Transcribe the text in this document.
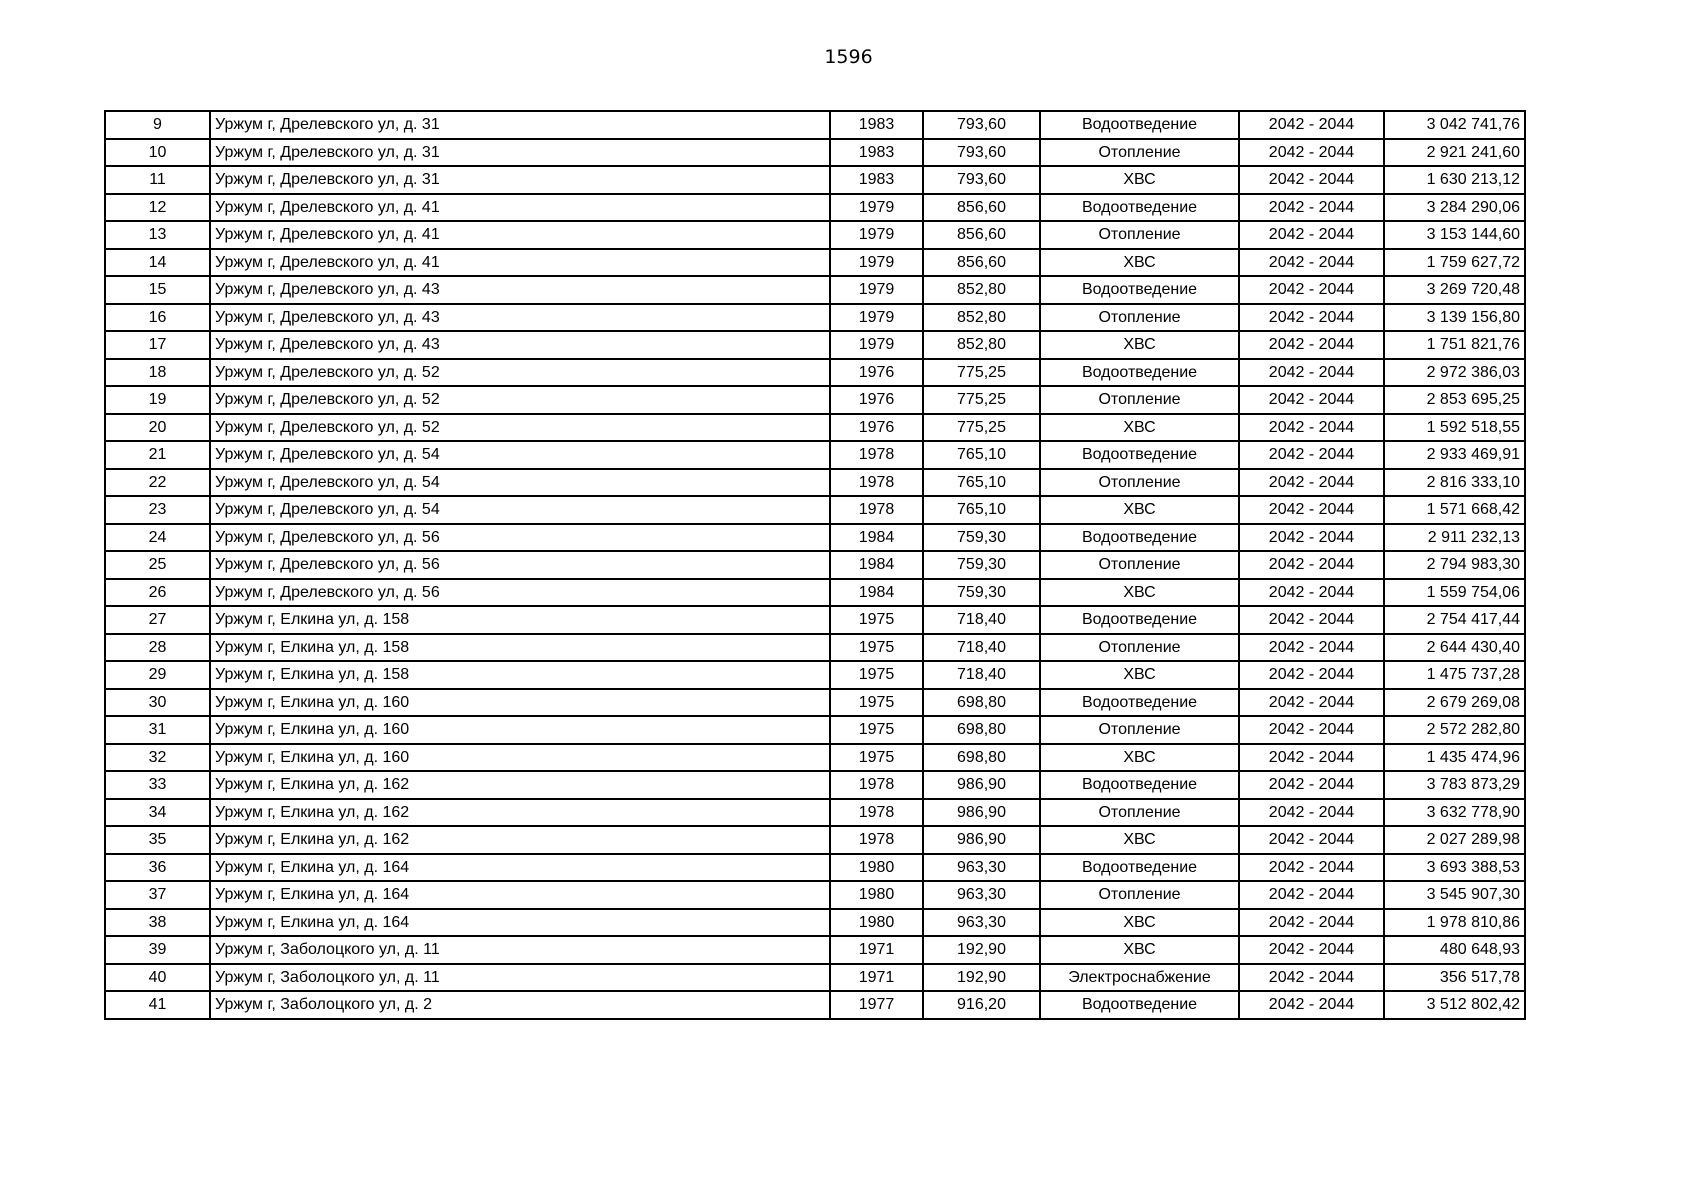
1596
9	Уржум г, Дрелевского ул, д. 31	1983	793,60	Водоотведение	2042 - 2044	3 042 741,76
10	Уржум г, Дрелевского ул, д. 31	1983	793,60	Отопление	2042 - 2044	2 921 241,60
11	Уржум г, Дрелевского ул, д. 31	1983	793,60	ХВС	2042 - 2044	1 630 213,12
12	Уржум г, Дрелевского ул, д. 41	1979	856,60	Водоотведение	2042 - 2044	3 284 290,06
13	Уржум г, Дрелевского ул, д. 41	1979	856,60	Отопление	2042 - 2044	3 153 144,60
14	Уржум г, Дрелевского ул, д. 41	1979	856,60	ХВС	2042 - 2044	1 759 627,72
15	Уржум г, Дрелевского ул, д. 43	1979	852,80	Водоотведение	2042 - 2044	3 269 720,48
16	Уржум г, Дрелевского ул, д. 43	1979	852,80	Отопление	2042 - 2044	3 139 156,80
17	Уржум г, Дрелевского ул, д. 43	1979	852,80	ХВС	2042 - 2044	1 751 821,76
18	Уржум г, Дрелевского ул, д. 52	1976	775,25	Водоотведение	2042 - 2044	2 972 386,03
19	Уржум г, Дрелевского ул, д. 52	1976	775,25	Отопление	2042 - 2044	2 853 695,25
20	Уржум г, Дрелевского ул, д. 52	1976	775,25	ХВС	2042 - 2044	1 592 518,55
21	Уржум г, Дрелевского ул, д. 54	1978	765,10	Водоотведение	2042 - 2044	2 933 469,91
22	Уржум г, Дрелевского ул, д. 54	1978	765,10	Отопление	2042 - 2044	2 816 333,10
23	Уржум г, Дрелевского ул, д. 54	1978	765,10	ХВС	2042 - 2044	1 571 668,42
24	Уржум г, Дрелевского ул, д. 56	1984	759,30	Водоотведение	2042 - 2044	2 911 232,13
25	Уржум г, Дрелевского ул, д. 56	1984	759,30	Отопление	2042 - 2044	2 794 983,30
26	Уржум г, Дрелевского ул, д. 56	1984	759,30	ХВС	2042 - 2044	1 559 754,06
27	Уржум г, Елкина ул, д. 158	1975	718,40	Водоотведение	2042 - 2044	2 754 417,44
28	Уржум г, Елкина ул, д. 158	1975	718,40	Отопление	2042 - 2044	2 644 430,40
29	Уржум г, Елкина ул, д. 158	1975	718,40	ХВС	2042 - 2044	1 475 737,28
30	Уржум г, Елкина ул, д. 160	1975	698,80	Водоотведение	2042 - 2044	2 679 269,08
31	Уржум г, Елкина ул, д. 160	1975	698,80	Отопление	2042 - 2044	2 572 282,80
32	Уржум г, Елкина ул, д. 160	1975	698,80	ХВС	2042 - 2044	1 435 474,96
33	Уржум г, Елкина ул, д. 162	1978	986,90	Водоотведение	2042 - 2044	3 783 873,29
34	Уржум г, Елкина ул, д. 162	1978	986,90	Отопление	2042 - 2044	3 632 778,90
35	Уржум г, Елкина ул, д. 162	1978	986,90	ХВС	2042 - 2044	2 027 289,98
36	Уржум г, Елкина ул, д. 164	1980	963,30	Водоотведение	2042 - 2044	3 693 388,53
37	Уржум г, Елкина ул, д. 164	1980	963,30	Отопление	2042 - 2044	3 545 907,30
38	Уржум г, Елкина ул, д. 164	1980	963,30	ХВС	2042 - 2044	1 978 810,86
39	Уржум г, Заболоцкого ул, д. 11	1971	192,90	ХВС	2042 - 2044	480 648,93
40	Уржум г, Заболоцкого ул, д. 11	1971	192,90	Электроснабжение	2042 - 2044	356 517,78
41	Уржум г, Заболоцкого ул, д. 2	1977	916,20	Водоотведение	2042 - 2044	3 512 802,42
